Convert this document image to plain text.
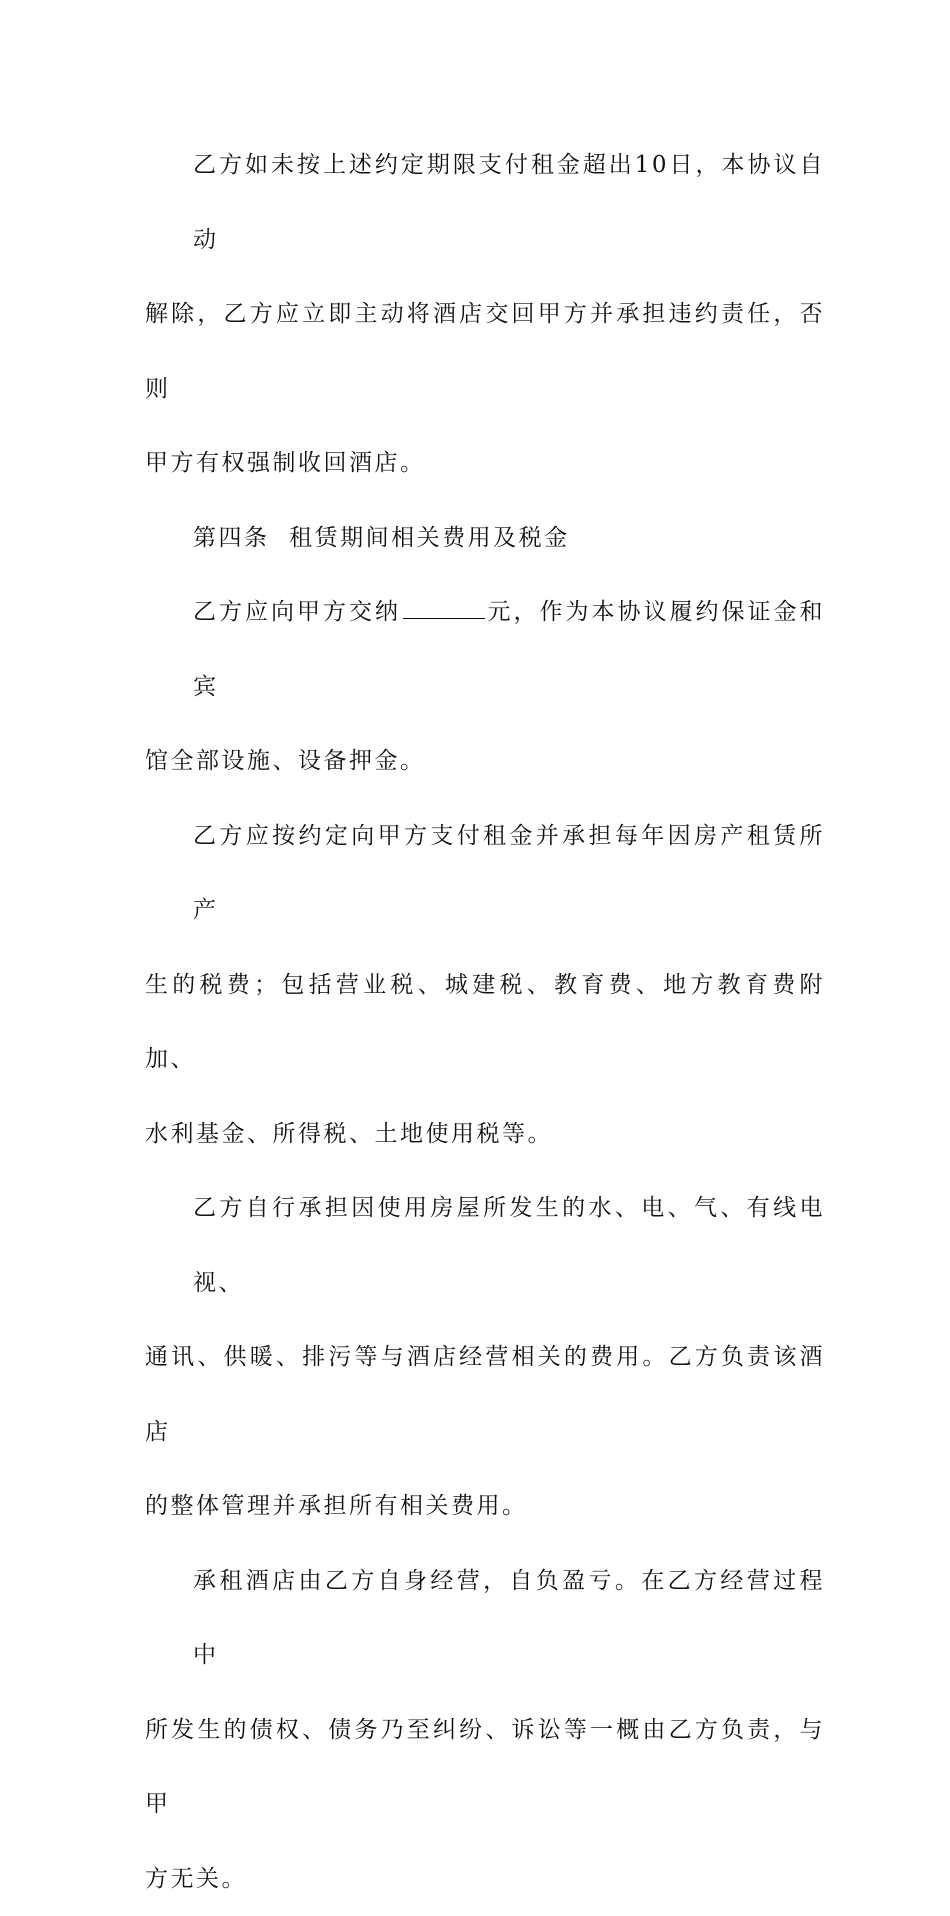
乙方如未按上述约定期限支付租金超出10日，本协议自动
解除，乙方应立即主动将酒店交回甲方并承担违约责任，否则
甲方有权强制收回酒店。
第四条  租赁期间相关费用及税金
乙方应向甲方交纳	元，作为本协议履约保证金和宾
馆全部设施、设备押金。
乙方应按约定向甲方支付租金并承担每年因房产租赁所产
生的税费；包括营业税、城建税、教育费、地方教育费附加、
水利基金、所得税、土地使用税等。
乙方自行承担因使用房屋所发生的水、电、气、有线电视、
通讯、供暖、排污等与酒店经营相关的费用。乙方负责该酒店
的整体管理并承担所有相关费用。
承租酒店由乙方自身经营，自负盈亏。在乙方经营过程中
所发生的债权、债务乃至纠纷、诉讼等一概由乙方负责，与甲
方无关。
